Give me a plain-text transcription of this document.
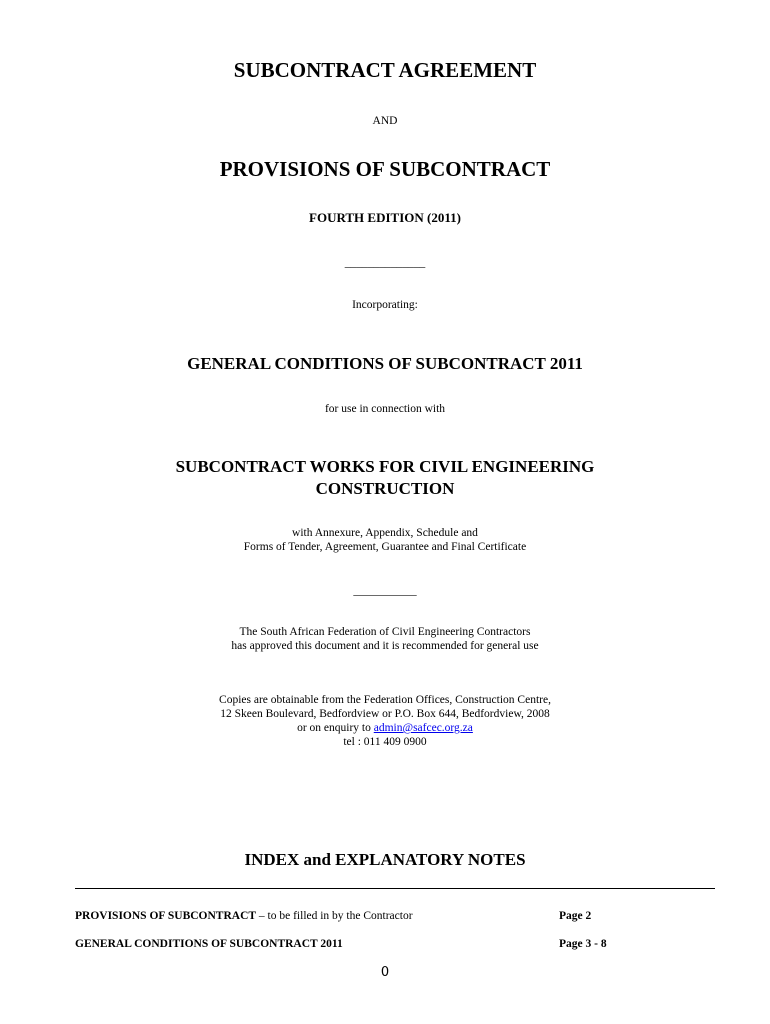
SUBCONTRACT AGREEMENT

AND

PROVISIONS OF SUBCONTRACT

FOURTH EDITION (2011)

______________

Incorporating:

GENERAL CONDITIONS OF SUBCONTRACT 2011

for use in connection with

SUBCONTRACT WORKS FOR CIVIL ENGINEERING

CONSTRUCTION

with Annexure, Appendix, Schedule and

Forms of Tender, Agreement, Guarantee and Final Certificate

___________

The South African Federation of Civil Engineering Contractors

has approved this document and it is recommended for general use

Copies are obtainable from the Federation Offices, Construction Centre,

12 Skeen Boulevard, Bedfordview or P.O. Box 644, Bedfordview, 2008

or on enquiry to admin@safcec.org.za

tel : 011 409 0900

INDEX and EXPLANATORY NOTES

PROVISIONS OF SUBCONTRACT – to be filled in by the Contractor	Page 2
GENERAL CONDITIONS OF SUBCONTRACT 2011	Page 3 - 8
0
